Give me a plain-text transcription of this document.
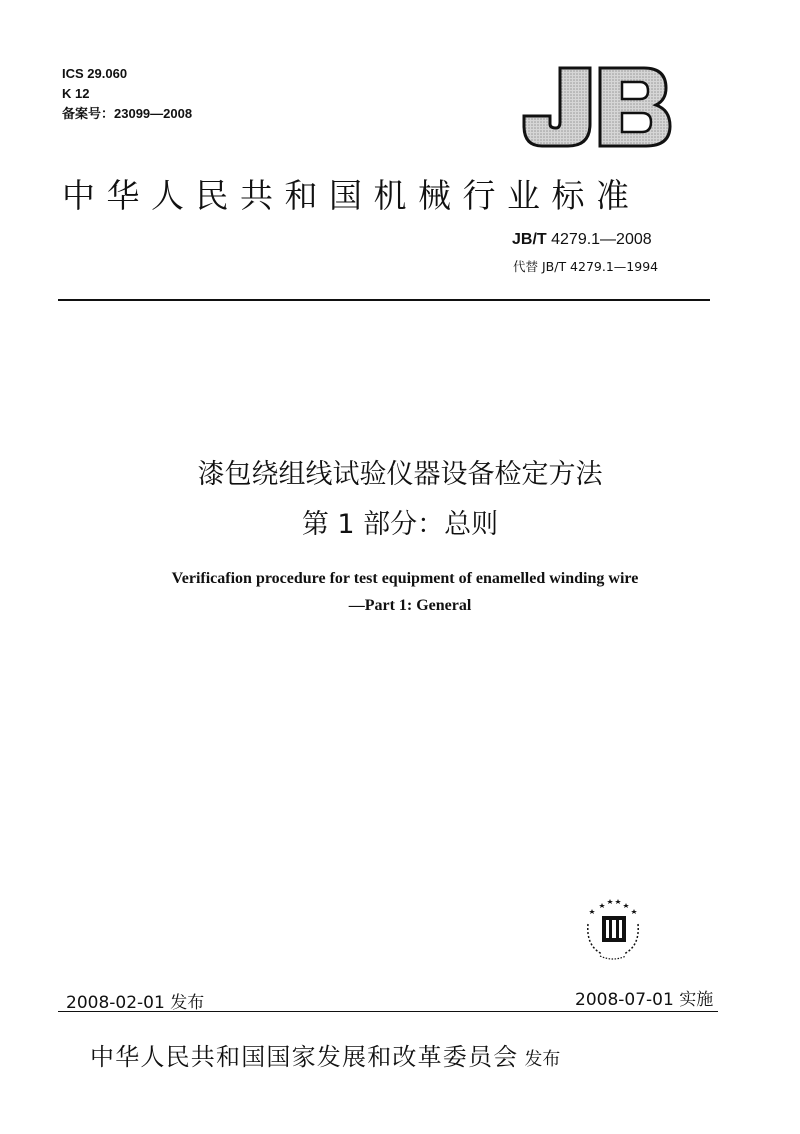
ICS 29.060
K 12
备案号：23099—2008
中华人民共和国机械行业标准
JB/T 4279.1—2008
代替 JB/T 4279.1—1994
漆包绕组线试验仪器设备检定方法
第 1 部分：总则
Verificafion procedure for test equipment of enamelled winding wire
—Part 1: General
2008-02-01 发布	2008-07-01 实施
中华人民共和国国家发展和改革委员会 发布
